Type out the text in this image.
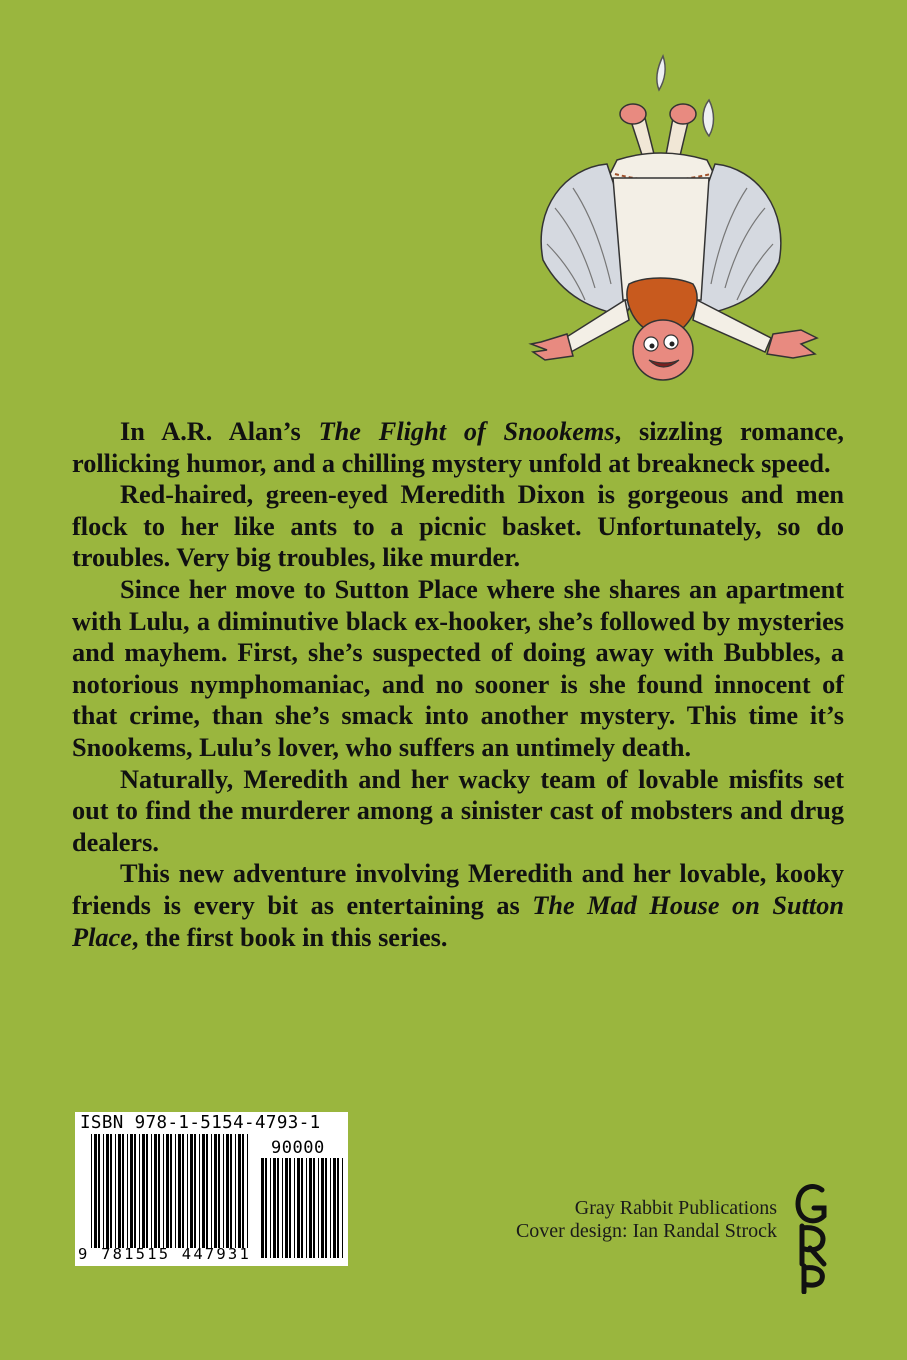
In A.R. Alan’s The Flight of Snookems, sizzling romance, rollicking humor, and a chilling mystery unfold at breakneck speed.

Red-haired, green-eyed Meredith Dixon is gorgeous and men flock to her like ants to a picnic basket. Unfortunately, so do troubles. Very big troubles, like murder.

Since her move to Sutton Place where she shares an apartment with Lulu, a diminutive black ex-hooker, she’s followed by mysteries and mayhem. First, she’s suspected of doing away with Bubbles, a notorious nymphomaniac, and no sooner is she found innocent of that crime, than she’s smack into another mystery. This time it’s Snookems, Lulu’s lover, who suffers an untimely death.

Naturally, Meredith and her wacky team of lovable misfits set out to find the murderer among a sinister cast of mobsters and drug dealers.

This new adventure involving Meredith and her lovable, kooky friends is every bit as entertaining as The Mad House on Sutton Place, the first book in this series.

ISBN 978-1-5154-4793-1
90000
9 781515 447931
Gray Rabbit Publications
Cover design: Ian Randal Strock
